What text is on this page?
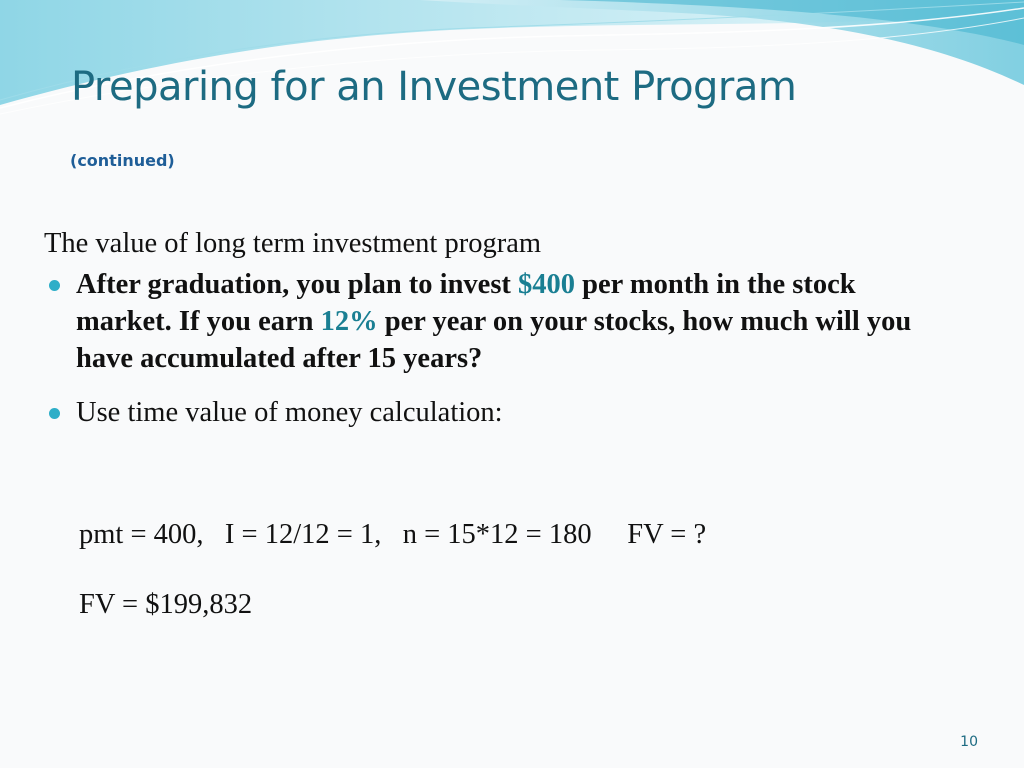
Preparing for an Investment Program
(continued)

The value of long term investment program

After graduation, you plan to invest $400 per month in the stock market. If you earn 12% per year on your stocks, how much will you have accumulated after 15 years?
Use time value of money calculation:
pmt = 400,   I = 12/12 = 1,   n = 15*12 = 180     FV = ?
FV = $199,832
10
